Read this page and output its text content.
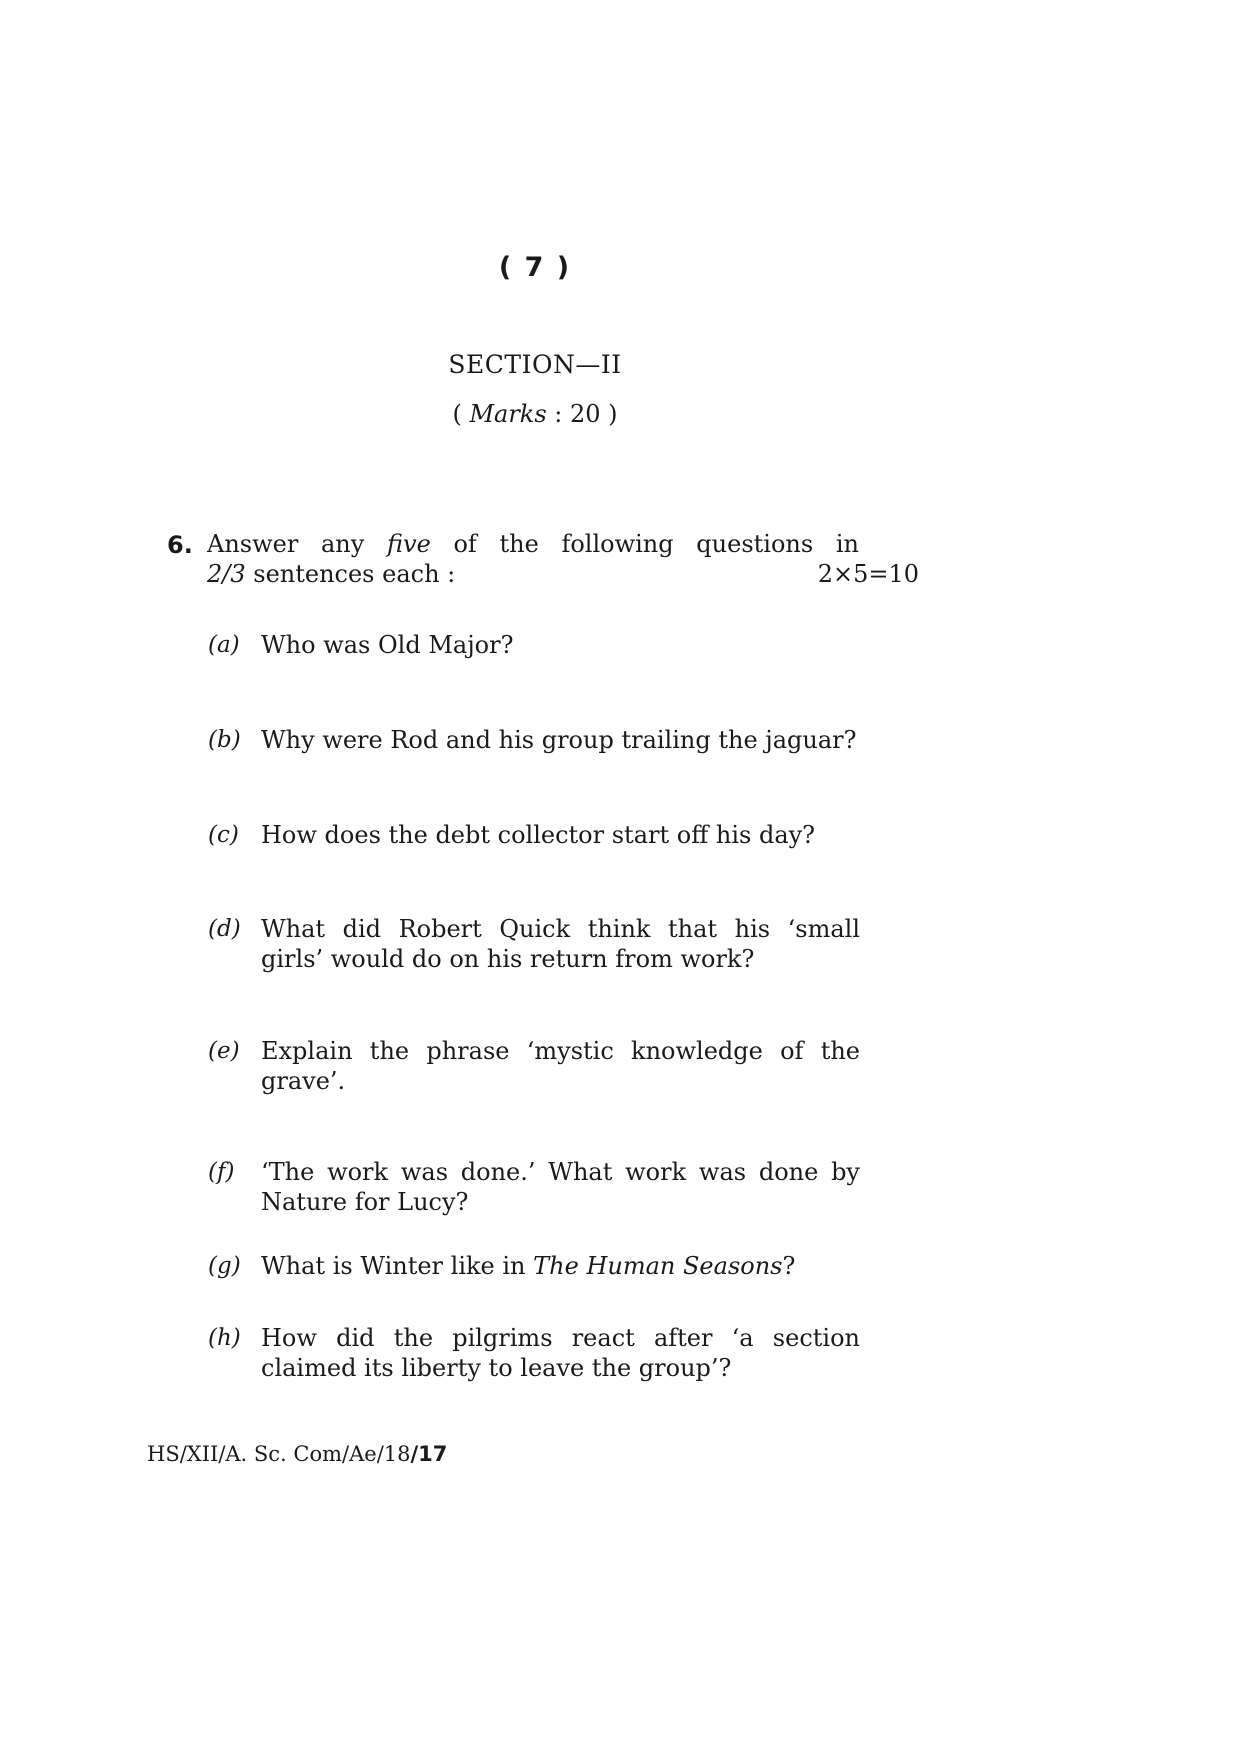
( 7 )
SECTION—II
( Marks : 20 )
6. Answer any five of the following questions in
2/3 sentences each :	2×5=10
(a) Who was Old Major?
(b) Why were Rod and his group trailing the jaguar?
(c) How does the debt collector start off his day?
(d) What did Robert Quick think that his ‘small girls’ would do on his return from work?
(e) Explain the phrase ‘mystic knowledge of the grave’.
(f) ‘The work was done.’ What work was done by Nature for Lucy?
(g) What is Winter like in The Human Seasons?
(h) How did the pilgrims react after ‘a section claimed its liberty to leave the group’?
HS/XII/A. Sc. Com/Ae/18/17
